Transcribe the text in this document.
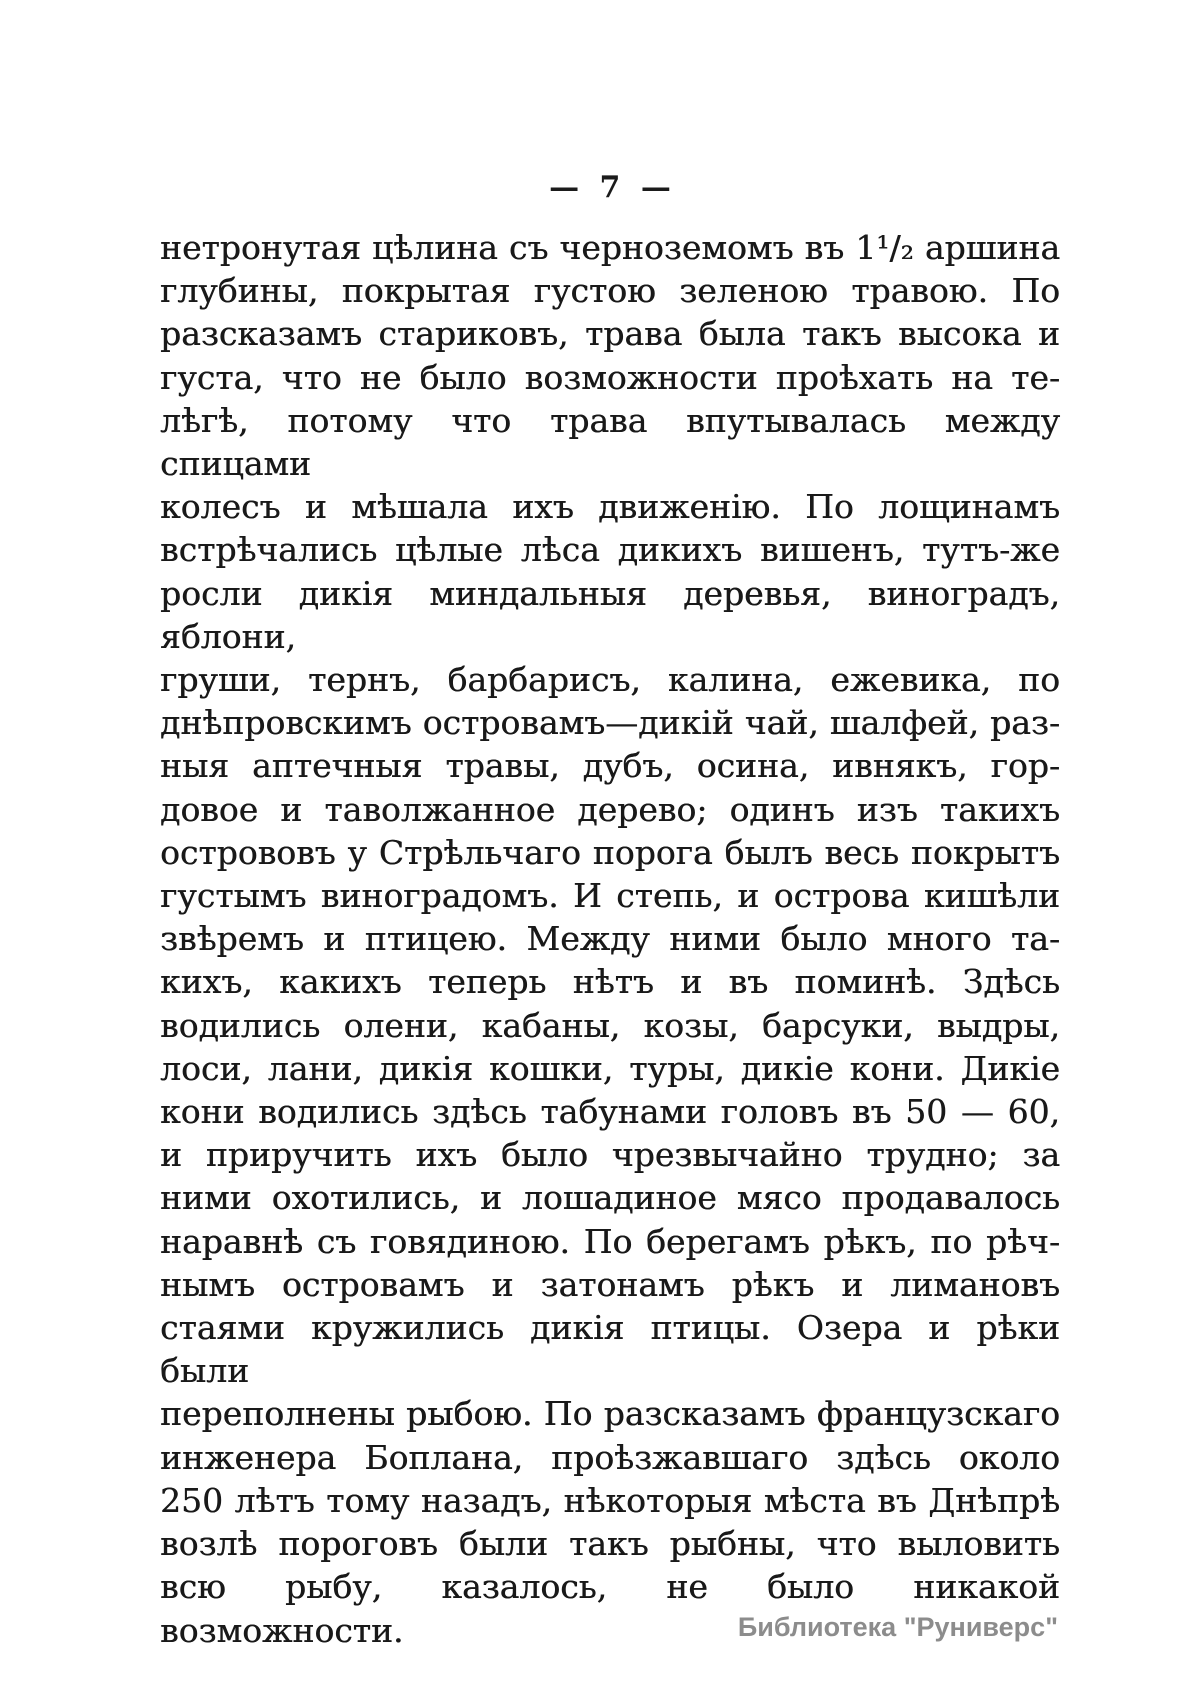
— 7 —
нетронутая цѣлина съ черноземомъ въ 1¹/₂ аршина
глубины, покрытая густою зеленою травою. По
разсказамъ стариковъ, трава была такъ высока и
густа, что не было возможности проѣхать на те-
лѣгѣ, потому что трава впутывалась между спицами
колесъ и мѣшала ихъ движенію. По лощинамъ
встрѣчались цѣлые лѣса дикихъ вишенъ, тутъ-же
росли дикія миндальныя деревья, виноградъ, яблони,
груши, тернъ, барбарисъ, калина, ежевика, по
днѣпровскимъ островамъ—дикій чай, шалфей, раз-
ныя аптечныя травы, дубъ, осина, ивнякъ, гор-
довое и таволжанное дерево; одинъ изъ такихъ
острововъ у Стрѣльчаго порога былъ весь покрытъ
густымъ виноградомъ. И степь, и острова кишѣли
звѣремъ и птицею. Между ними было много та-
кихъ, какихъ теперь нѣтъ и въ поминѣ. Здѣсь
водились олени, кабаны, козы, барсуки, выдры,
лоси, лани, дикія кошки, туры, дикіе кони. Дикіе
кони водились здѣсь табунами головъ въ 50 — 60,
и приручить ихъ было чрезвычайно трудно; за
ними охотились, и лошадиное мясо продавалось
наравнѣ съ говядиною. По берегамъ рѣкъ, по рѣч-
нымъ островамъ и затонамъ рѣкъ и лимановъ
стаями кружились дикія птицы. Озера и рѣки были
переполнены рыбою. По разсказамъ французскаго
инженера Боплана, проѣзжавшаго здѣсь около
250 лѣтъ тому назадъ, нѣкоторыя мѣста въ Днѣпрѣ
возлѣ пороговъ были такъ рыбны, что выловить
всю рыбу, казалось, не было никакой возможности.	Библиотека "Руниверс"
